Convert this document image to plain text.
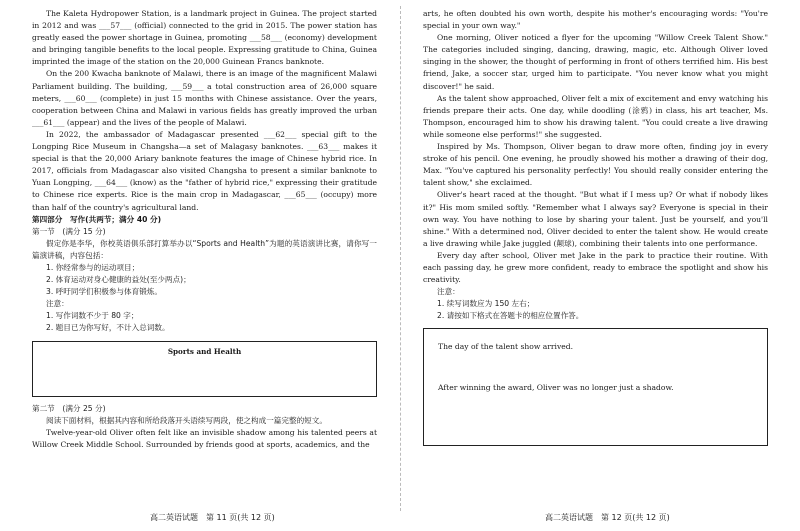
The Kaleta Hydropower Station, is a landmark project in Guinea. The project started in 2012 and was ___57___ (official) connected to the grid in 2015. The power station has greatly eased the power shortage in Guinea, promoting ___58___ (economy) development and bringing tangible benefits to the local people. Expressing gratitude to China, Guinea imprinted the image of the station on the 20,000 Guinean Francs banknote.

On the 200 Kwacha banknote of Malawi, there is an image of the magnificent Malawi Parliament building. The building, ___59___ a total construction area of 26,000 square meters, ___60___ (complete) in just 15 months with Chinese assistance. Over the years, cooperation between China and Malawi in various fields has greatly improved the urban ___61___ (appear) and the lives of the people of Malawi.

In 2022, the ambassador of Madagascar presented ___62___ special gift to the Longping Rice Museum in Changsha—a set of Malagasy banknotes. ___63___ makes it special is that the 20,000 Ariary banknote features the image of Chinese hybrid rice. In 2017, officials from Madagascar also visited Changsha to present a similar banknote to Yuan Longping, ___64___ (know) as the "father of hybrid rice," expressing their gratitude to Chinese rice experts. Rice is the main crop in Madagascar, ___65___ (occupy) more than half of the country's agricultural land.

第四部分　写作(共两节；满分 40 分)

第一节　(满分 15 分)

假定你是李华，你校英语俱乐部打算举办以“Sports and Health”为题的英语演讲比赛，请你写一篇演讲稿，内容包括：

1. 你经常参与的运动项目；

2. 体育运动对身心健康的益处(至少两点)；

3. 呼吁同学们积极参与体育锻炼。

注意：

1. 写作词数不少于 80 字；

2. 题目已为你写好，不计入总词数。

Sports and Health

第二节　(满分 25 分)

阅读下面材料，根据其内容和所给段落开头语续写两段，使之构成一篇完整的短文。

Twelve-year-old Oliver often felt like an invisible shadow among his talented peers at Willow Creek Middle School. Surrounded by friends good at sports, academics, and the

arts, he often doubted his own worth, despite his mother's encouraging words: "You're special in your own way."

One morning, Oliver noticed a flyer for the upcoming "Willow Creek Talent Show." The categories included singing, dancing, drawing, magic, etc. Although Oliver loved singing in the shower, the thought of performing in front of others terrified him. His best friend, Jake, a soccer star, urged him to participate. "You never know what you might discover!" he said.

As the talent show approached, Oliver felt a mix of excitement and envy watching his friends prepare their acts. One day, while doodling (涂鸦) in class, his art teacher, Ms. Thompson, encouraged him to show his drawing talent. "You could create a live drawing while someone else performs!" she suggested.

Inspired by Ms. Thompson, Oliver began to draw more often, finding joy in every stroke of his pencil. One evening, he proudly showed his mother a drawing of their dog, Max. "You've captured his personality perfectly! You should really consider entering the talent show," she exclaimed.

Oliver's heart raced at the thought. "But what if I mess up? Or what if nobody likes it?" His mom smiled softly. "Remember what I always say? Everyone is special in their own way. You have nothing to lose by sharing your talent. Just be yourself, and you'll shine." With a determined nod, Oliver decided to enter the talent show. He would create a live drawing while Jake juggled (颠球), combining their talents into one performance.

Every day after school, Oliver met Jake in the park to practice their routine. With each passing day, he grew more confident, ready to embrace the spotlight and show his creativity.

注意：

1. 续写词数应为 150 左右；

2. 请按如下格式在答题卡的相应位置作答。

The day of the talent show arrived.

After winning the award, Oliver was no longer just a shadow.

高二英语试题　第 11 页(共 12 页)	高二英语试题　第 12 页(共 12 页)
